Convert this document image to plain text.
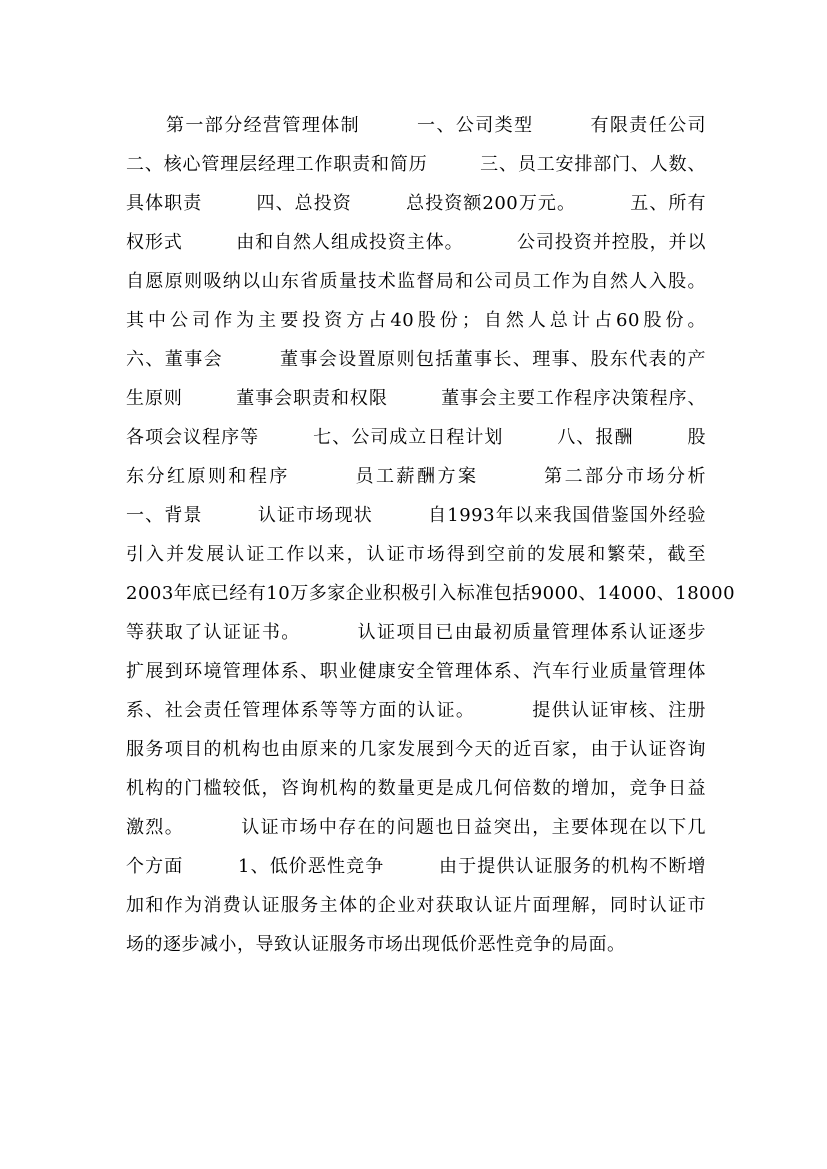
第一部分经营管理体制        一、公司类型        有限责任公司
二、核心管理层经理工作职责和简历        三、员工安排部门、人数、
具体职责        四、总投资        总投资额200万元。        五、所有
权形式        由和自然人组成投资主体。        公司投资并控股，并以
自愿原则吸纳以山东省质量技术监督局和公司员工作为自然人入股。
其中公司作为主要投资方占40股份；自然人总计占60股份。
六、董事会        董事会设置原则包括董事长、理事、股东代表的产
生原则        董事会职责和权限        董事会主要工作程序决策程序、
各项会议程序等        七、公司成立日程计划        八、报酬        股
东分红原则和程序        员工薪酬方案        第二部分市场分析
一、背景        认证市场现状        自1993年以来我国借鉴国外经验
引入并发展认证工作以来，认证市场得到空前的发展和繁荣，截至
2003年底已经有10万多家企业积极引入标准包括9000、14000、18000
等获取了认证证书。        认证项目已由最初质量管理体系认证逐步
扩展到环境管理体系、职业健康安全管理体系、汽车行业质量管理体
系、社会责任管理体系等等方面的认证。        提供认证审核、注册
服务项目的机构也由原来的几家发展到今天的近百家，由于认证咨询
机构的门槛较低，咨询机构的数量更是成几何倍数的增加，竞争日益
激烈。        认证市场中存在的问题也日益突出，主要体现在以下几
个方面        1、低价恶性竞争        由于提供认证服务的机构不断增
加和作为消费认证服务主体的企业对获取认证片面理解，同时认证市
场的逐步减小，导致认证服务市场出现低价恶性竞争的局面。
